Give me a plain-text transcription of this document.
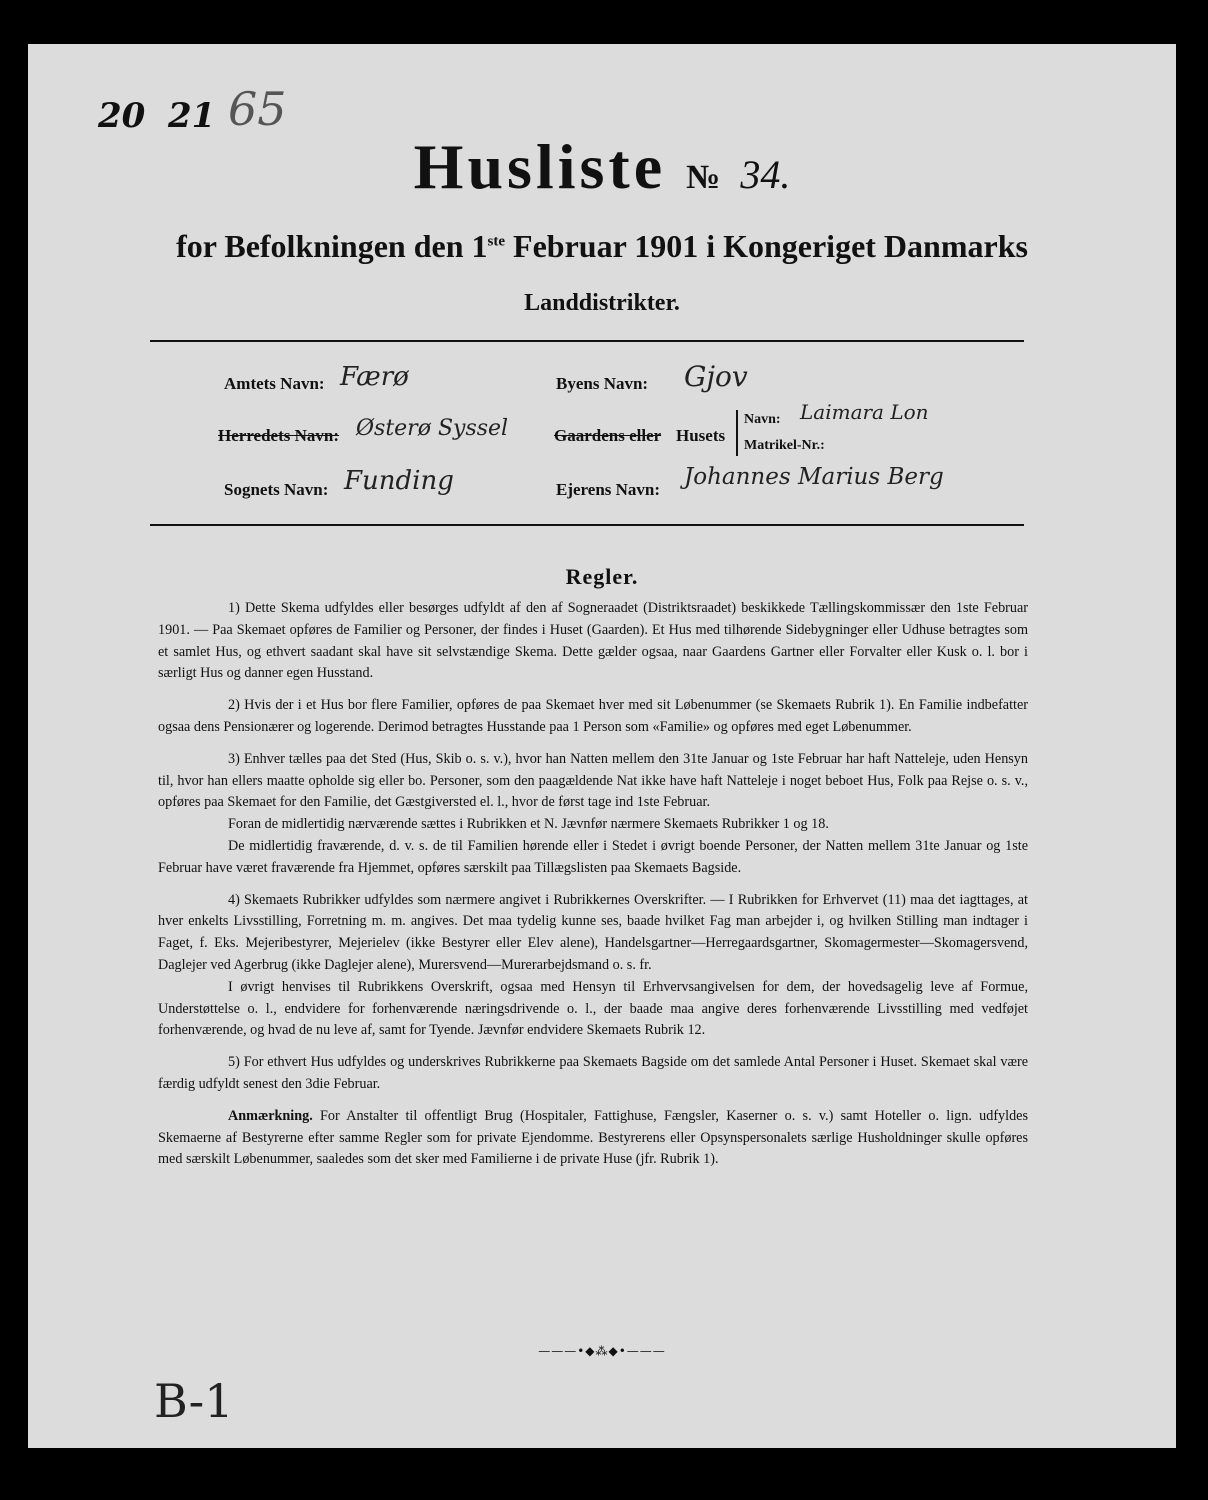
20 21 65
Husliste № 34.
for Befolkningen den 1ste Februar 1901 i Kongeriget Danmarks
Landdistrikter.
Amtets Navn: Færø
Herredets Navn: Østerø Syssel
Sognets Navn: Funding
Byens Navn: Gjov
Gaardens eller Husets
Navn: Laimara Lon
Matrikel-Nr.:
Ejerens Navn: Johannes Marius Berg
Regler.

1) Dette Skema udfyldes eller besørges udfyldt af den af Sogneraadet (Distriktsraadet) beskikkede Tællingskommissær den 1ste Februar 1901. — Paa Skemaet opføres de Familier og Personer, der findes i Huset (Gaarden). Et Hus med tilhørende Sidebygninger eller Udhuse betragtes som et samlet Hus, og ethvert saadant skal have sit selvstændige Skema. Dette gælder ogsaa, naar Gaardens Gartner eller Forvalter eller Kusk o. l. bor i særligt Hus og danner egen Husstand.

2) Hvis der i et Hus bor flere Familier, opføres de paa Skemaet hver med sit Løbenummer (se Skemaets Rubrik 1). En Familie indbefatter ogsaa dens Pensionærer og logerende. Derimod betragtes Husstande paa 1 Person som «Familie» og opføres med eget Løbenummer.

3) Enhver tælles paa det Sted (Hus, Skib o. s. v.), hvor han Natten mellem den 31te Januar og 1ste Februar har haft Natteleje, uden Hensyn til, hvor han ellers maatte opholde sig eller bo. Personer, som den paagældende Nat ikke have haft Natteleje i noget beboet Hus, Folk paa Rejse o. s. v., opføres paa Skemaet for den Familie, det Gæstgiversted el. l., hvor de først tage ind 1ste Februar.

Foran de midlertidig nærværende sættes i Rubrikken et N. Jævnfør nærmere Skemaets Rubrikker 1 og 18.

De midlertidig fraværende, d. v. s. de til Familien hørende eller i Stedet i øvrigt boende Personer, der Natten mellem 31te Januar og 1ste Februar have været fraværende fra Hjemmet, opføres særskilt paa Tillægslisten paa Skemaets Bagside.

4) Skemaets Rubrikker udfyldes som nærmere angivet i Rubrikkernes Overskrifter. — I Rubrikken for Erhvervet (11) maa det iagttages, at hver enkelts Livsstilling, Forretning m. m. angives. Det maa tydelig kunne ses, baade hvilket Fag man arbejder i, og hvilken Stilling man indtager i Faget, f. Eks. Mejeribestyrer, Mejerielev (ikke Bestyrer eller Elev alene), Handelsgartner—Herregaardsgartner, Skomagermester—Skomagersvend, Daglejer ved Agerbrug (ikke Daglejer alene), Murersvend—Murerarbejdsmand o. s. fr.

I øvrigt henvises til Rubrikkens Overskrift, ogsaa med Hensyn til Erhvervsangivelsen for dem, der hovedsagelig leve af Formue, Understøttelse o. l., endvidere for forhenværende næringsdrivende o. l., der baade maa angive deres forhenværende Livsstilling med vedføjet forhenværende, og hvad de nu leve af, samt for Tyende. Jævnfør endvidere Skemaets Rubrik 12.

5) For ethvert Hus udfyldes og underskrives Rubrikkerne paa Skemaets Bagside om det samlede Antal Personer i Huset. Skemaet skal være færdig udfyldt senest den 3die Februar.

Anmærkning. For Anstalter til offentligt Brug (Hospitaler, Fattighuse, Fængsler, Kaserner o. s. v.) samt Hoteller o. lign. udfyldes Skemaerne af Bestyrerne efter samme Regler som for private Ejendomme. Bestyrerens eller Opsynspersonalets særlige Husholdninger skulle opføres med særskilt Løbenummer, saaledes som det sker med Familierne i de private Huse (jfr. Rubrik 1).

———•◆⁂◆•———
B-1
